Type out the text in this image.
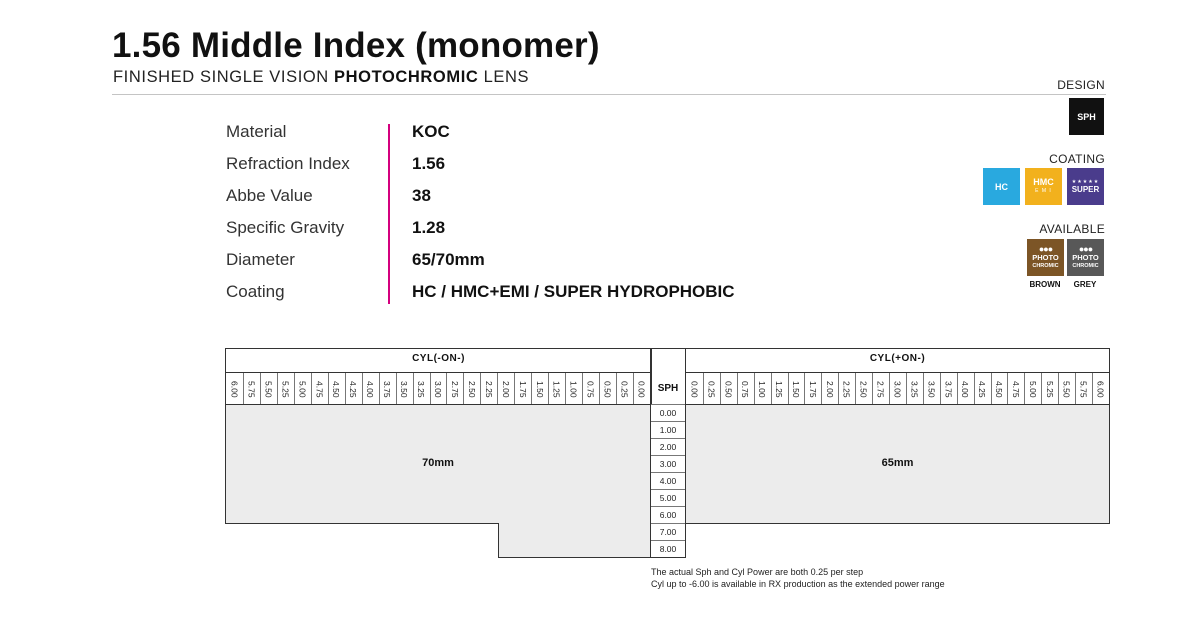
1.56 Middle Index (monomer)
FINISHED SINGLE VISION PHOTOCHROMIC LENS
Material	KOC
Refraction Index	1.56
Abbe Value	38
Specific Gravity	1.28
Diameter	65/70mm
Coating	HC / HMC+EMI / SUPER HYDROPHOBIC
DESIGN
SPH
COATING
HC	HMC
E M I
★★★★★
SUPER
AVAILABLE
●●●
PHOTO
CHROMIC
●●●
PHOTO
CHROMIC
BROWN	GREY
CYL(-ON-)	CYL(+ON-)
SPH
70mm	65mm
6.00 5.75 5.50 5.25 5.00 4.75 4.50 4.25 4.00 3.75 3.50 3.25 3.00 2.75 2.50 2.25 2.00 1.75 1.50 1.25 1.00 0.75 0.50 0.25 0.00	0.00 0.25 0.50 0.75 1.00 1.25 1.50 1.75 2.00 2.25 2.50 2.75 3.00 3.25 3.50 3.75 4.00 4.25 4.50 4.75 5.00 5.25 5.50 5.75 6.00
0.00
1.00
2.00
3.00
4.00
5.00
6.00
7.00
8.00
The actual Sph and Cyl Power are both 0.25 per step
Cyl up to -6.00 is available in RX production as the extended power range
